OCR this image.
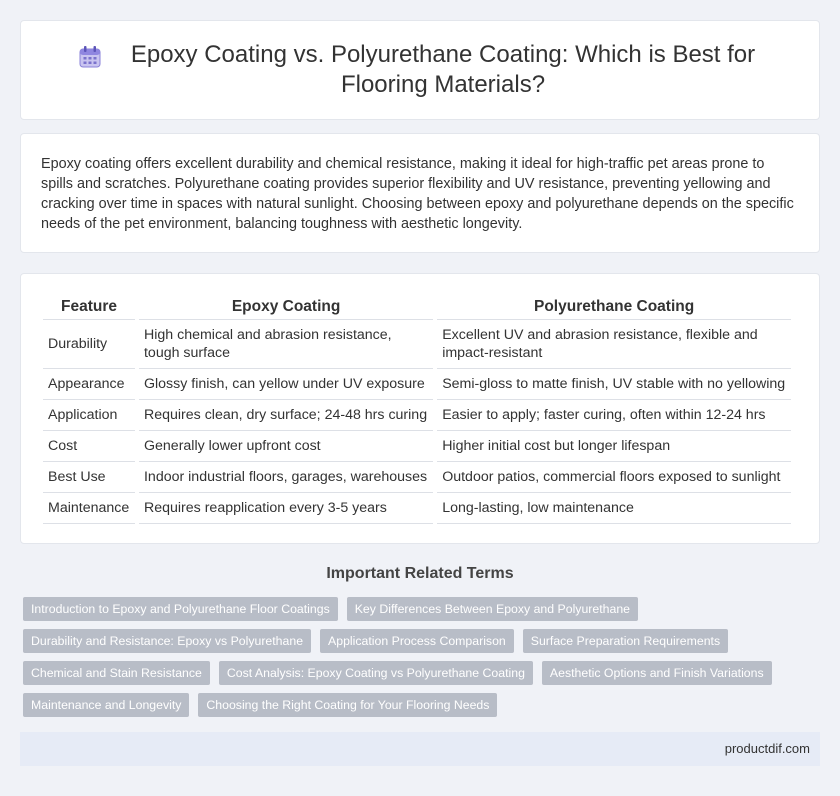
Epoxy Coating vs. Polyurethane Coating: Which is Best for Flooring Materials?

Epoxy coating offers excellent durability and chemical resistance, making it ideal for high-traffic pet areas prone to spills and scratches. Polyurethane coating provides superior flexibility and UV resistance, preventing yellowing and cracking over time in spaces with natural sunlight. Choosing between epoxy and polyurethane depends on the specific needs of the pet environment, balancing toughness with aesthetic longevity.

Feature	Epoxy Coating	Polyurethane Coating
Durability	High chemical and abrasion resistance, tough surface	Excellent UV and abrasion resistance, flexible and impact-resistant
Appearance	Glossy finish, can yellow under UV exposure	Semi-gloss to matte finish, UV stable with no yellowing
Application	Requires clean, dry surface; 24-48 hrs curing	Easier to apply; faster curing, often within 12-24 hrs
Cost	Generally lower upfront cost	Higher initial cost but longer lifespan
Best Use	Indoor industrial floors, garages, warehouses	Outdoor patios, commercial floors exposed to sunlight
Maintenance	Requires reapplication every 3-5 years	Long-lasting, low maintenance
Important Related Terms
Introduction to Epoxy and Polyurethane Floor Coatings	Key Differences Between Epoxy and Polyurethane
Durability and Resistance: Epoxy vs Polyurethane	Application Process Comparison	Surface Preparation Requirements
Chemical and Stain Resistance	Cost Analysis: Epoxy Coating vs Polyurethane Coating	Aesthetic Options and Finish Variations
Maintenance and Longevity	Choosing the Right Coating for Your Flooring Needs
productdif.com
